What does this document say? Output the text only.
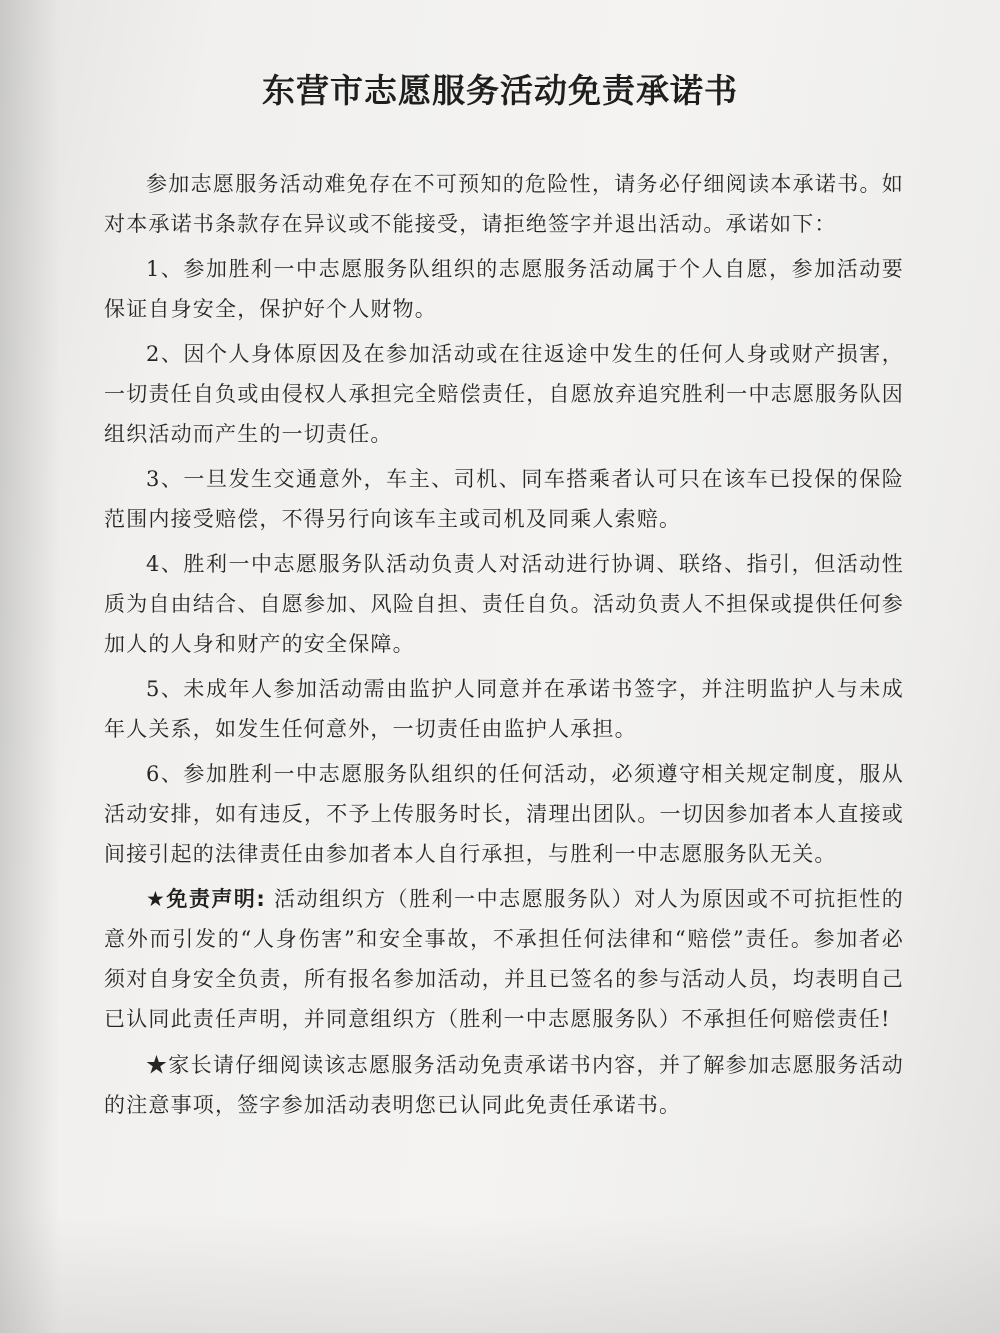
东营市志愿服务活动免责承诺书

参加志愿服务活动难免存在不可预知的危险性，请务必仔细阅读本承诺书。如对本承诺书条款存在异议或不能接受，请拒绝签字并退出活动。承诺如下：

1、参加胜利一中志愿服务队组织的志愿服务活动属于个人自愿，参加活动要保证自身安全，保护好个人财物。

2、因个人身体原因及在参加活动或在往返途中发生的任何人身或财产损害，一切责任自负或由侵权人承担完全赔偿责任，自愿放弃追究胜利一中志愿服务队因组织活动而产生的一切责任。

3、一旦发生交通意外，车主、司机、同车搭乘者认可只在该车已投保的保险范围内接受赔偿，不得另行向该车主或司机及同乘人索赔。

4、胜利一中志愿服务队活动负责人对活动进行协调、联络、指引，但活动性质为自由结合、自愿参加、风险自担、责任自负。活动负责人不担保或提供任何参加人的人身和财产的安全保障。

5、未成年人参加活动需由监护人同意并在承诺书签字，并注明监护人与未成年人关系，如发生任何意外，一切责任由监护人承担。

6、参加胜利一中志愿服务队组织的任何活动，必须遵守相关规定制度，服从活动安排，如有违反，不予上传服务时长，清理出团队。一切因参加者本人直接或间接引起的法律责任由参加者本人自行承担，与胜利一中志愿服务队无关。

★免责声明: 活动组织方（胜利一中志愿服务队）对人为原因或不可抗拒性的意外而引发的“人身伤害”和安全事故，不承担任何法律和“赔偿”责任。参加者必须对自身安全负责，所有报名参加活动，并且已签名的参与活动人员，均表明自己已认同此责任声明，并同意组织方（胜利一中志愿服务队）不承担任何赔偿责任!

★家长请仔细阅读该志愿服务活动免责承诺书内容，并了解参加志愿服务活动的注意事项，签字参加活动表明您已认同此免责任承诺书。
